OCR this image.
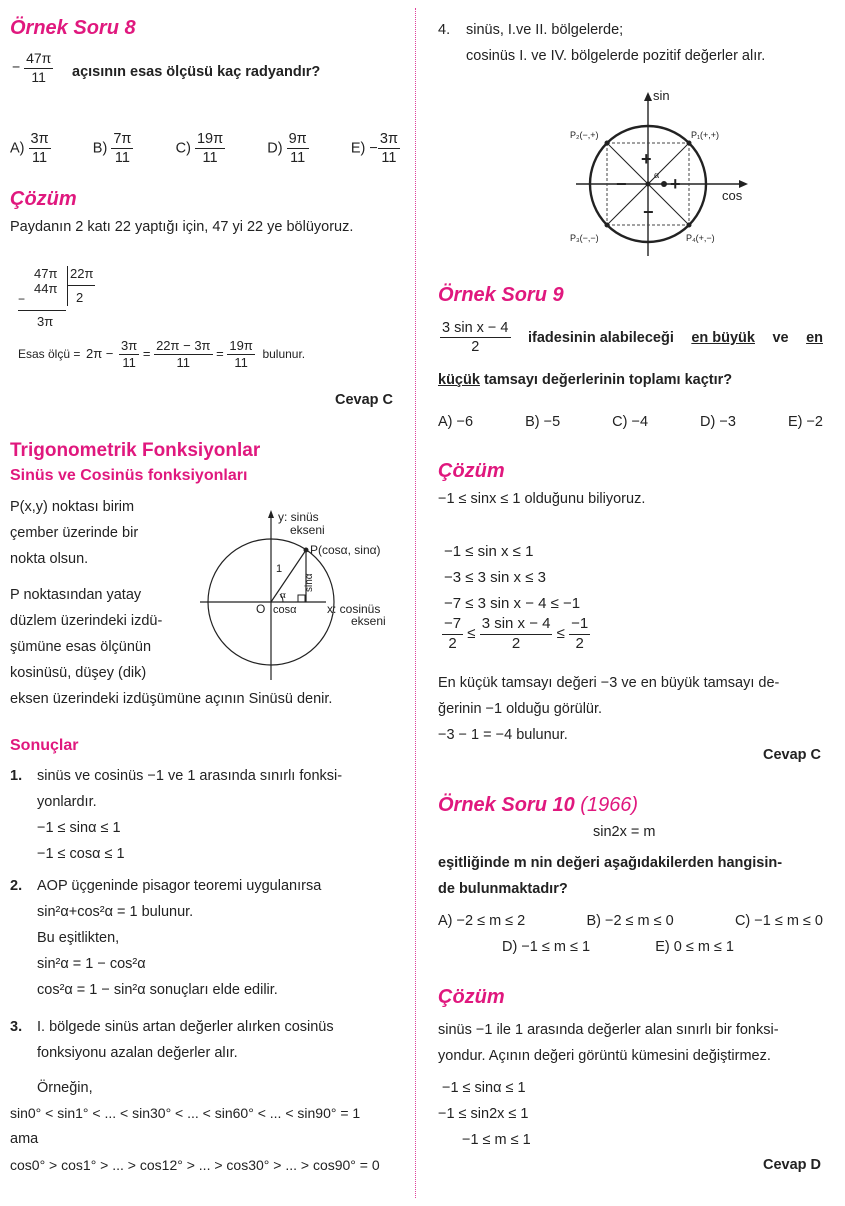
Örnek Soru 8
− $\frac{47\pi}{11}$ açısının esas ölçüsü kaç radyandır?
$A) \frac{3\pi}{11}$	$B) \frac{7\pi}{11}$	$C) \frac{19\pi}{11}$	$D) \frac{9\pi}{11}$	$E) - \frac{3\pi}{11}$
Çözüm
Paydanın 2 katı 22 yaptığı için, 47 yi 22 ye bölüyoruz.
47π 22π
44π
−	2
3π
Esas ölçü = $2\pi - \frac{3\pi}{11} = \frac{22\pi - 3\pi}{11} = \frac{19\pi}{11}$ bulunur.
Cevap C
Trigonometrik Fonksiyonlar
Sinüs ve Cosinüs fonksiyonları
P(x,y) noktası birim
çember üzerinde bir
nokta olsun.
P noktasından yatay
düzlem üzerindeki izdü-
şümüne esas ölçünün
kosinüsü, düşey (dik)
eksen üzerindeki izdüşümüne açının Sinüsü denir.
y: sinüs
ekseni
P(cosα, sinα)
1
α
sinα
O cosα	x: cosinüs
ekseni
Sonuçlar
1. sinüs ve cosinüs −1 ve 1 arasında sınırlı fonksi-
yonlardır.
−1 ≤ sinα ≤ 1
−1 ≤ cosα ≤ 1
2. AOP üçgeninde pisagor teoremi uygulanırsa
sin²α+cos²α = 1 bulunur.
Bu eşitlikten,
sin²α = 1 − cos²α
cos²α = 1 − sin²α sonuçları elde edilir.
3. I. bölgede sinüs artan değerler alırken cosinüs
fonksiyonu azalan değerler alır.
Örneğin,
sin0° < sin1° < ... < sin30° < ... < sin60° < ... < sin90° = 1
ama
cos0° > cos1° > ... > cos12° > ... > cos30° > ... > cos90° = 0
4. sinüs, I.ve II. bölgelerde;
cosinüs I. ve IV. bölgelerde pozitif değerler alır.
sin
cos
P₁(+,+)
P₂(−,+)
P₃(−,−)	P₄(+,−)
α
+
+
−
−
Örnek Soru 9
$\frac{\text{3 sin x − 4}}{2}$ ifadesinin alabileceği en büyük ve en
küçük tamsayı değerlerinin toplamı kaçtır?
A) −6	B) −5	C) −4	D) −3	E) −2
Çözüm
−1 ≤ sinx ≤ 1 olduğunu biliyoruz.
−1 ≤ sin x ≤ 1
−3 ≤ 3 sin x ≤ 3
−7 ≤ 3 sin x − 4 ≤ −1
$\frac{-7}{2} \le \frac{\text{3 sin x − 4}}{2} \le \frac{-1}{2}$
En küçük tamsayı değeri −3 ve en büyük tamsayı de-
ğerinin −1 olduğu görülür.
−3 − 1 = −4 bulunur.
Cevap C
Örnek Soru 10 (1966)
sin2x = m
eşitliğinde m nin değeri aşağıdakilerden hangisin-
de bulunmaktadır?
A) −2 ≤ m ≤ 2	B) −2 ≤ m ≤ 0	C) −1 ≤ m ≤ 0
D) −1 ≤ m ≤ 1	E) 0 ≤ m ≤ 1
Çözüm
sinüs −1 ile 1 arasında değerler alan sınırlı bir fonksi-
yondur. Açının değeri görüntü kümesini değiştirmez.
−1 ≤ sinα ≤ 1
−1 ≤ sin2x ≤ 1
−1 ≤ m ≤ 1
Cevap D
